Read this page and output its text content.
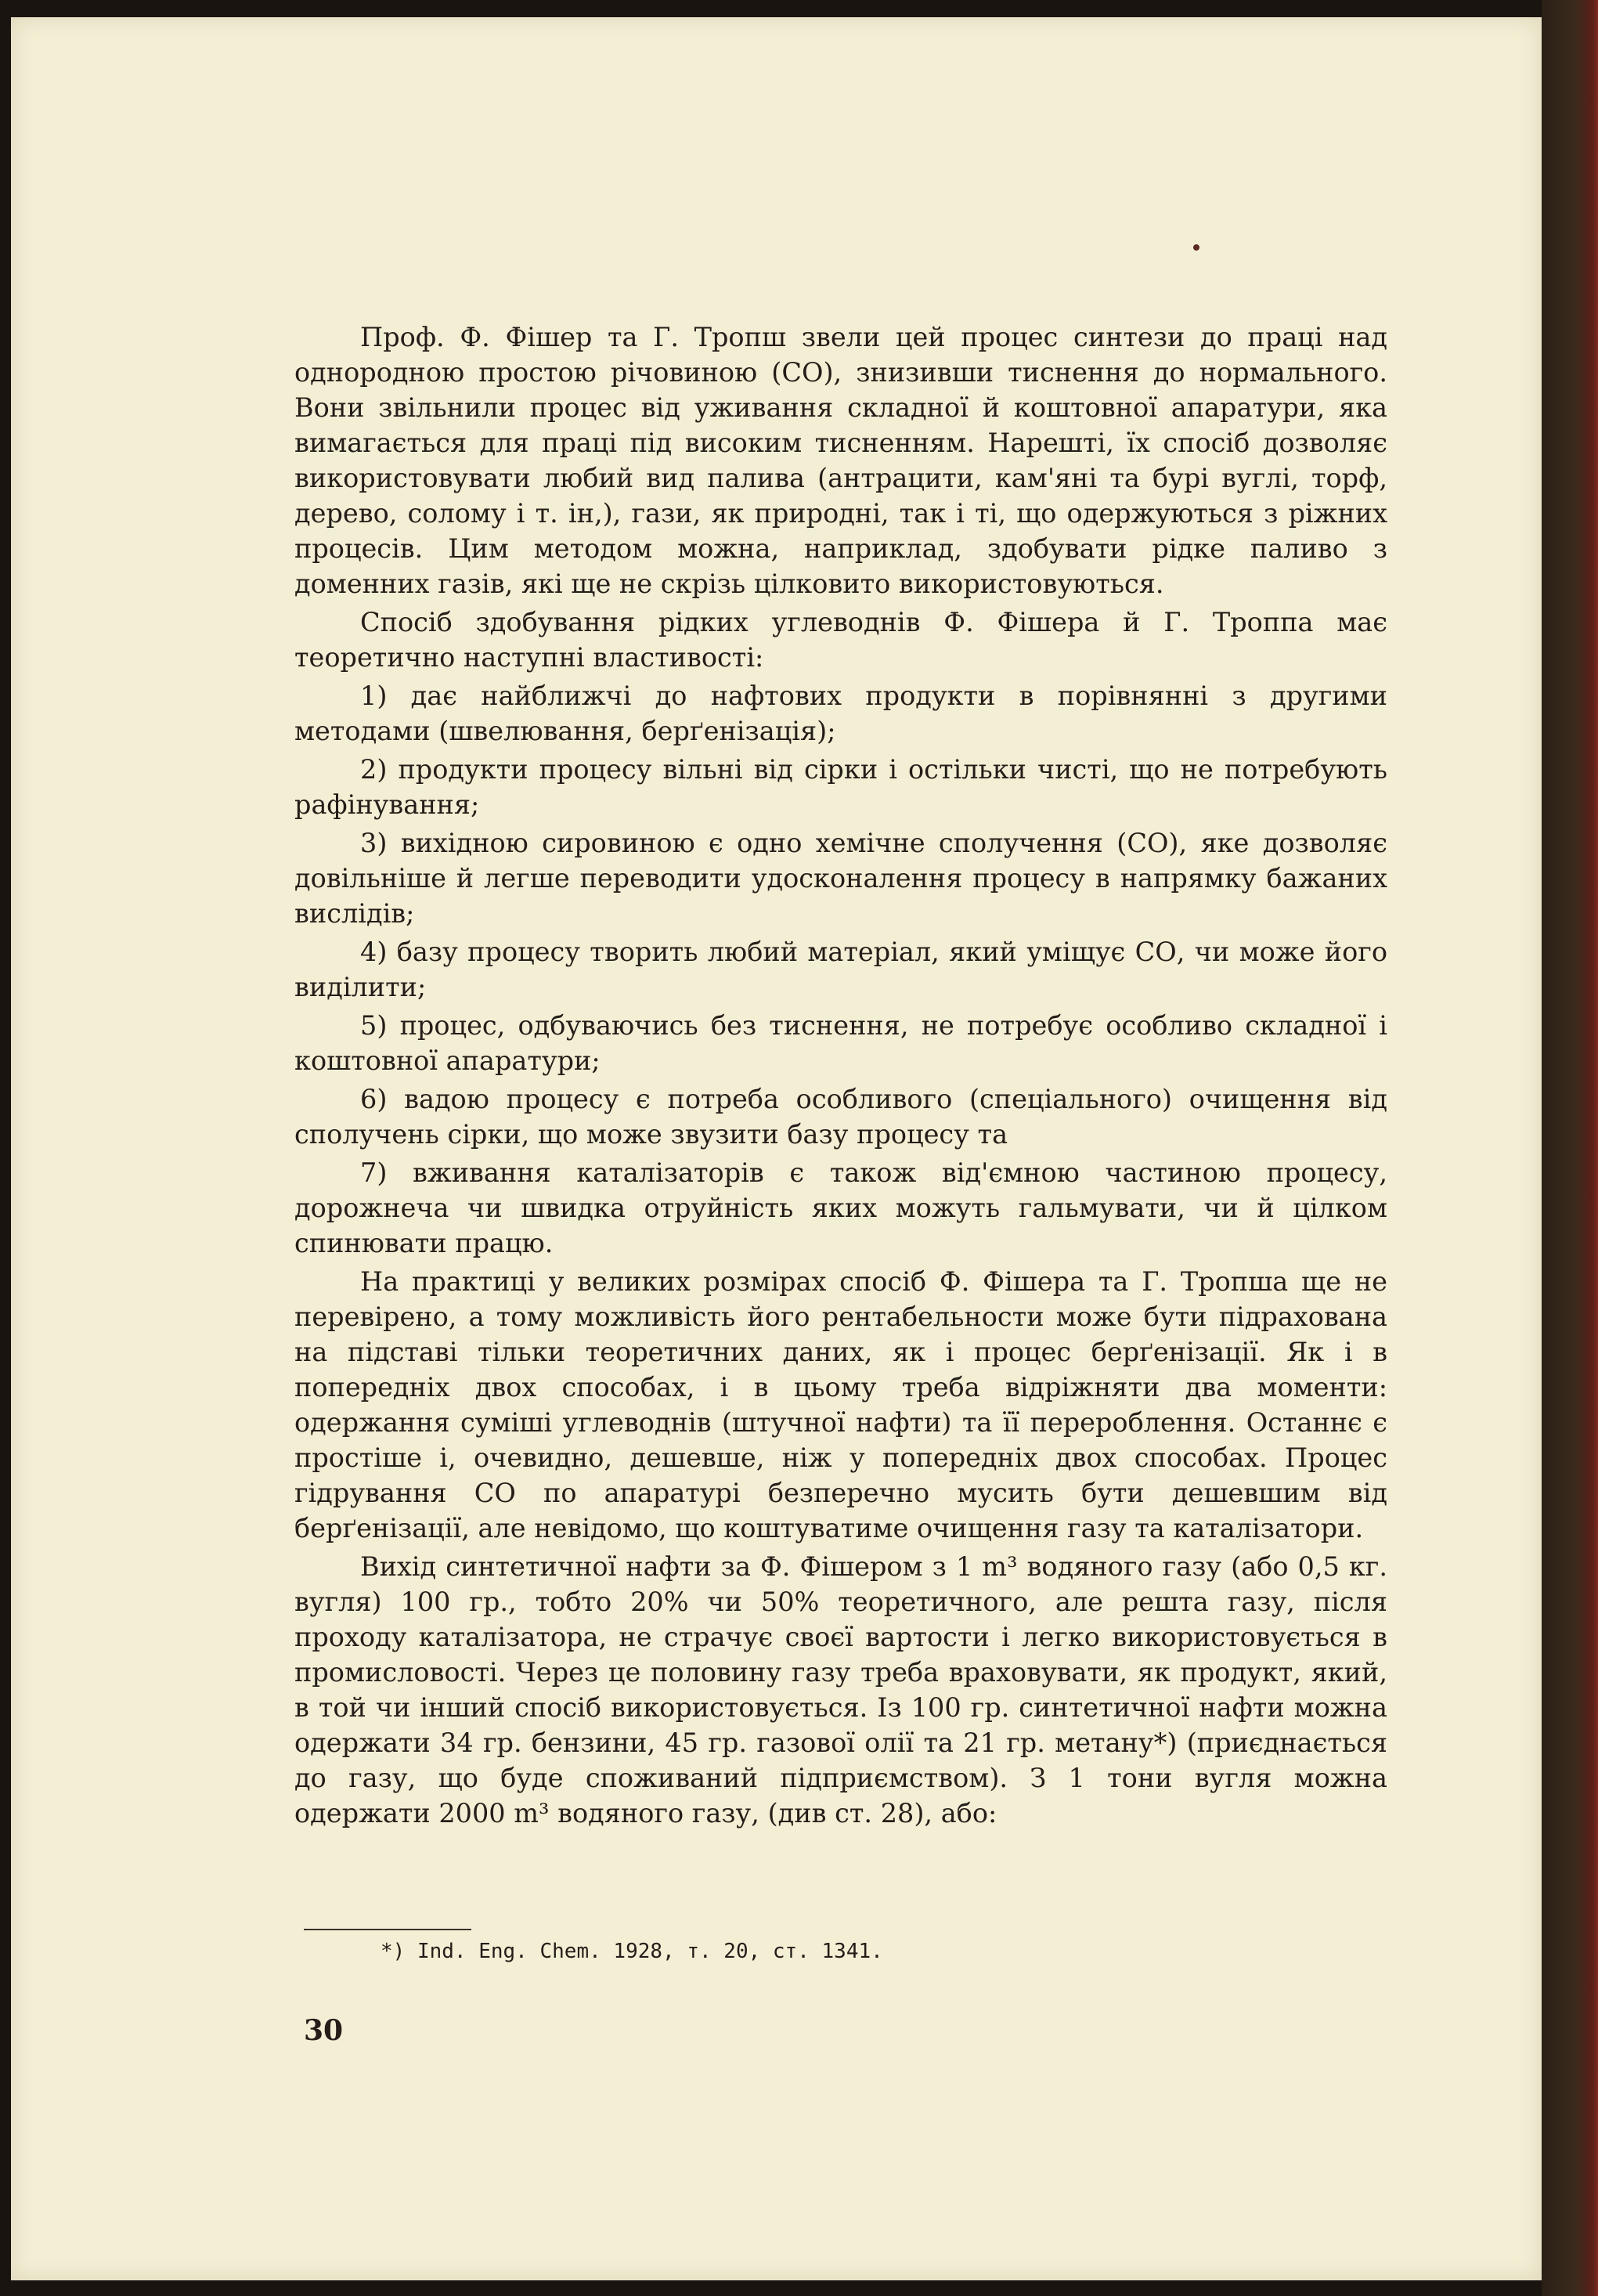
Проф. Ф. Фішер та Г. Тропш звели цей процес синтези до праці над однородною простою річовиною (СО), знизивши тиснення до нормального. Вони звільнили процес від уживання складної й коштовної апаратури, яка вимагається для праці під високим тисненням. Нарешті, їх спосіб дозволяє використовувати любий вид палива (антрацити, кам'яні та бурі вуглі, торф, дерево, солому і т. ін,), гази, як природні, так і ті, що одержуються з ріжних процесів. Цим методом можна, наприклад, здобувати рідке паливо з доменних газів, які ще не скрізь цілковито використовуються.

Спосіб здобування рідких углеводнів Ф. Фішера й Г. Троппа має теоретично наступні властивості:

1) дає найближчі до нафтових продукти в порівнянні з другими методами (швелювання, берґенізація);

2) продукти процесу вільні від сірки і остільки чисті, що не потребують рафінування;

3) вихідною сировиною є одно хемічне сполучення (СО), яке дозволяє довільніше й легше переводити удосконалення процесу в напрямку бажаних вислідів;

4) базу процесу творить любий матеріал, який уміщує СО, чи може його виділити;

5) процес, одбуваючись без тиснення, не потребує особливо складної і коштовної апаратури;

6) вадою процесу є потреба особливого (спеціального) очищення від сполучень сірки, що може звузити базу процесу та

7) вживання каталізаторів є також від'ємною частиною процесу, дорожнеча чи швидка отруйність яких можуть гальмувати, чи й цілком спинювати працю.

На практиці у великих розмірах спосіб Ф. Фішера та Г. Тропша ще не перевірено, а тому можливість його рентабельности може бути підрахована на підставі тільки теоретичних даних, як і процес берґенізації. Як і в попередніх двох способах, і в цьому треба відріжняти два моменти: одержання суміші углеводнів (штучної нафти) та її перероблення. Останнє є простіше і, очевидно, дешевше, ніж у попередніх двох способах. Процес гідрування СО по апаратурі безперечно мусить бути дешевшим від берґенізації, але невідомо, що коштуватиме очищення газу та каталізатори.

Вихід синтетичної нафти за Ф. Фішером з 1 m³ водяного газу (або 0,5 кг. вугля) 100 гр., тобто 20% чи 50% теоретичного, але решта газу, після проходу каталізатора, не страчує своєї вартости і легко використовується в промисловості. Через це половину газу треба враховувати, як продукт, який, в той чи інший спосіб використовується. Із 100 гр. синтетичної нафти можна одержати 34 гр. бензини, 45 гр. газової олії та 21 гр. метану*) (приєднається до газу, що буде споживаний підприємством). З 1 тони вугля можна одержати 2000 m³ водяного газу, (див ст. 28), або:

*) Ind. Eng. Chem. 1928, т. 20, ст. 1341.
30
